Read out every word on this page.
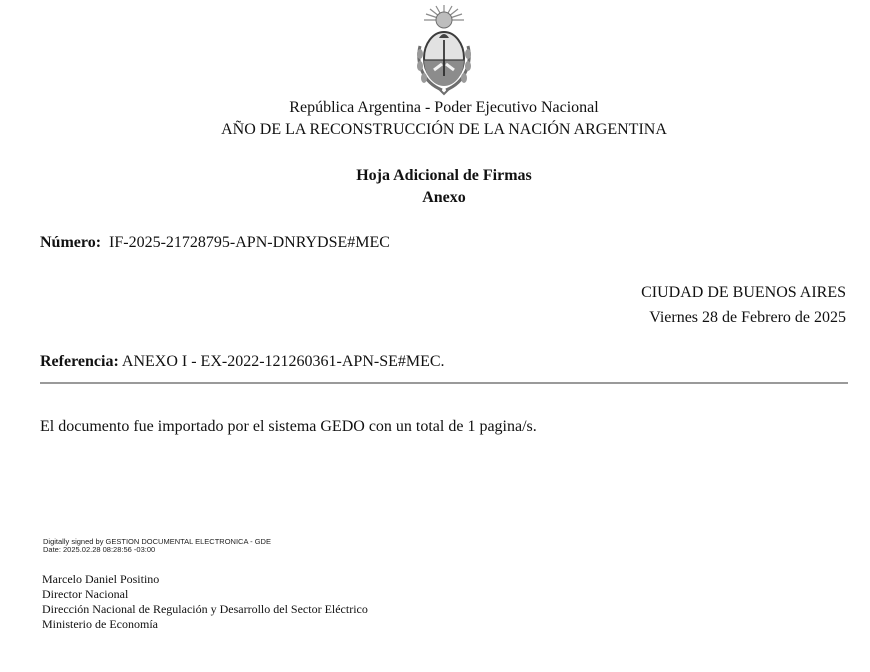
República Argentina - Poder Ejecutivo Nacional
AÑO DE LA RECONSTRUCCIÓN DE LA NACIÓN ARGENTINA
Hoja Adicional de Firmas
Anexo
Número: IF-2025-21728795-APN-DNRYDSE#MEC
CIUDAD DE BUENOS AIRES
Viernes 28 de Febrero de 2025
Referencia: ANEXO I - EX-2022-121260361-APN-SE#MEC.
El documento fue importado por el sistema GEDO con un total de 1 pagina/s.
Digitally signed by GESTION DOCUMENTAL ELECTRONICA - GDE
Date: 2025.02.28 08:28:56 -03:00
Marcelo Daniel Positino
Director Nacional
Dirección Nacional de Regulación y Desarrollo del Sector Eléctrico
Ministerio de Economía
